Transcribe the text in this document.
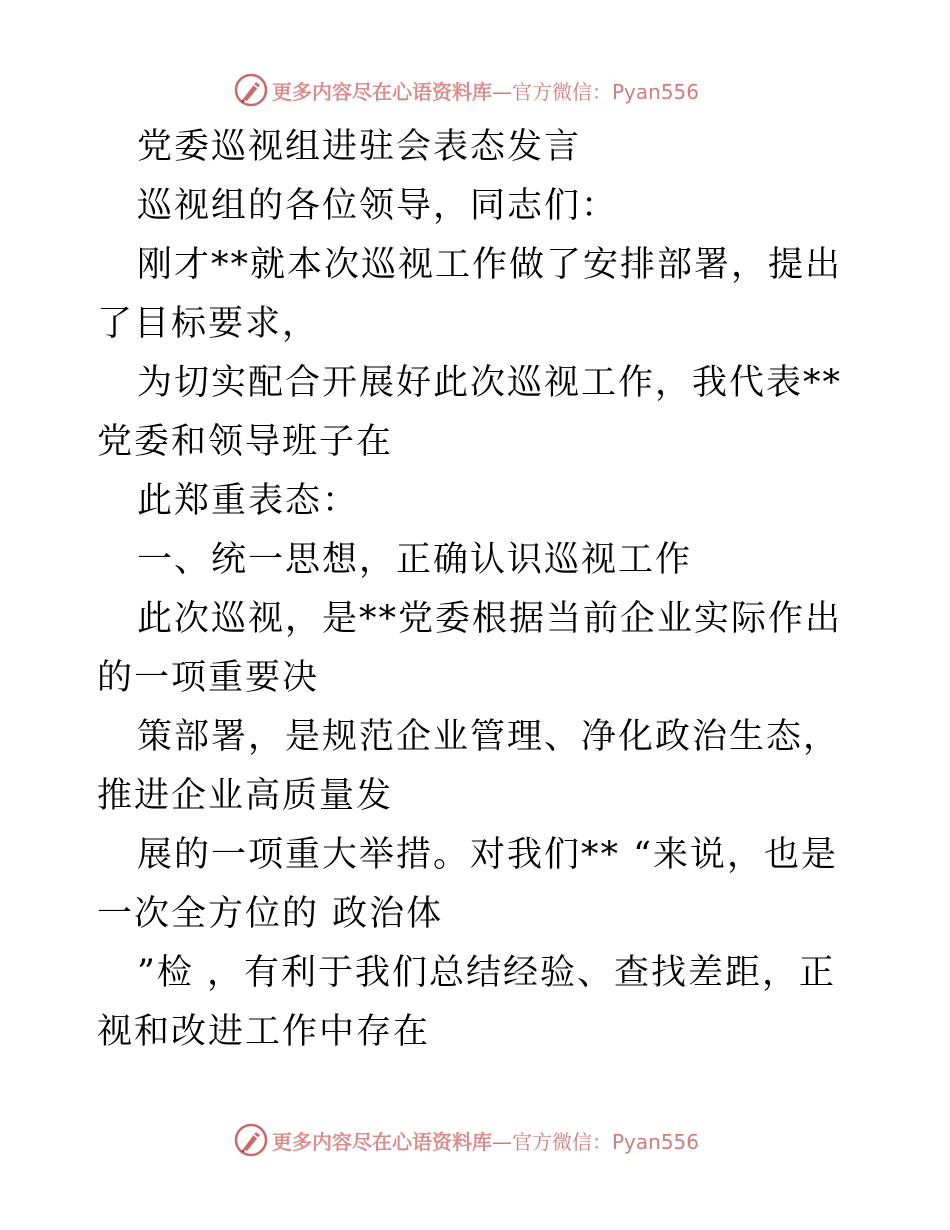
更多内容尽在心语资料库 —官方微信：Pyan556

党委巡视组进驻会表态发言

巡视组的各位领导，同志们：

刚才**就本次巡视工作做了安排部署，提出了目标要求，

为切实配合开展好此次巡视工作，我代表**党委和领导班子在

此郑重表态：

一、统一思想，正确认识巡视工作

此次巡视，是**党委根据当前企业实际作出的一项重要决

策部署，是规范企业管理、净化政治生态，推进企业高质量发

展的一项重大举措。对我们** “来说，也是一次全方位的 政治体

”检 ，有利于我们总结经验、查找差距，正视和改进工作中存在

更多内容尽在心语资料库 —官方微信：Pyan556
